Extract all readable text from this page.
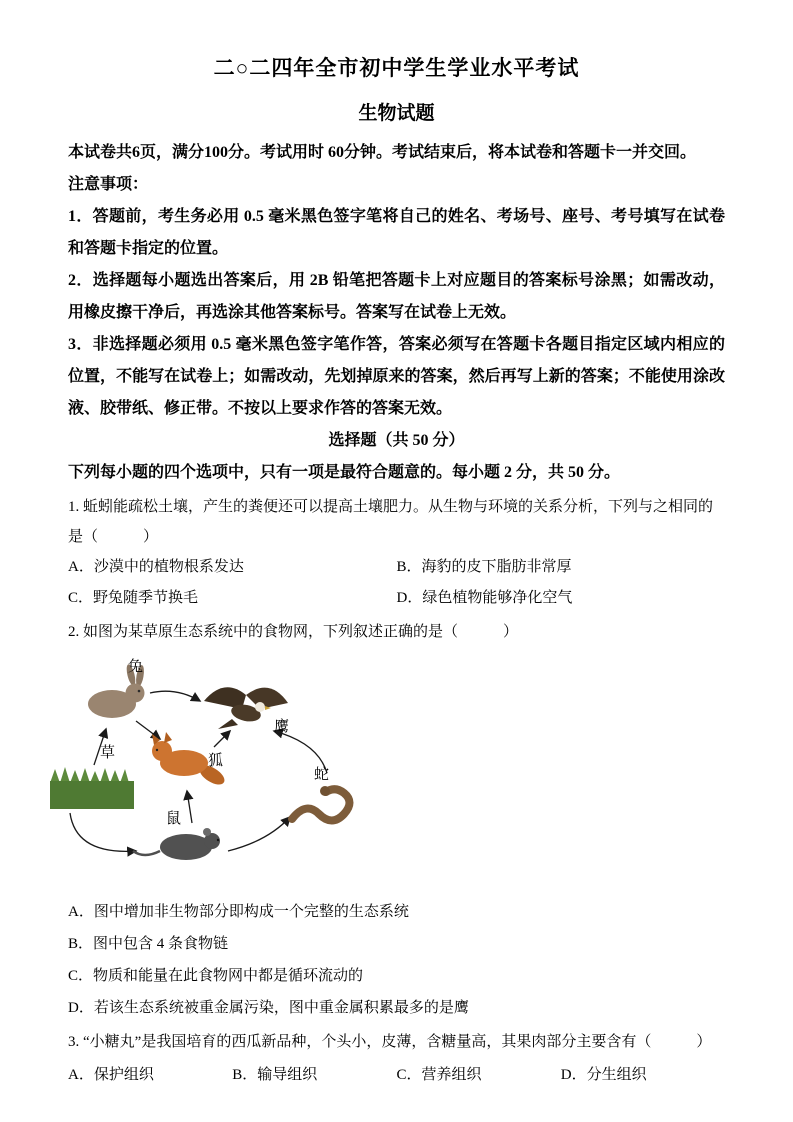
二○二四年全市初中学生学业水平考试
生物试题

本试卷共6页，满分100分。考试用时 60分钟。考试结束后，将本试卷和答题卡一并交回。

注意事项：

1．答题前，考生务必用 0.5 毫米黑色签字笔将自己的姓名、考场号、座号、考号填写在试卷和答题卡指定的位置。

2．选择题每小题选出答案后，用 2B 铅笔把答题卡上对应题目的答案标号涂黑；如需改动，用橡皮擦干净后，再选涂其他答案标号。答案写在试卷上无效。

3．非选择题必须用 0.5 毫米黑色签字笔作答，答案必须写在答题卡各题目指定区域内相应的位置，不能写在试卷上；如需改动，先划掉原来的答案，然后再写上新的答案；不能使用涂改液、胶带纸、修正带。不按以上要求作答的答案无效。

选择题（共 50 分）

下列每小题的四个选项中，只有一项是最符合题意的。每小题 2 分，共 50 分。

1. 蚯蚓能疏松土壤，产生的粪便还可以提高土壤肥力。从生物与环境的关系分析，下列与之相同的是（　　　）

A．沙漠中的植物根系发达	B．海豹的皮下脂肪非常厚
C．野兔随季节换毛	D．绿色植物能够净化空气

2. 如图为某草原生态系统中的食物网，下列叙述正确的是（　　　）

兔
鹰
草	狐
蛇
鼠

A．图中增加非生物部分即构成一个完整的生态系统

B．图中包含 4 条食物链

C．物质和能量在此食物网中都是循环流动的

D．若该生态系统被重金属污染，图中重金属积累最多的是鹰

3. “小糖丸”是我国培育的西瓜新品种，个头小，皮薄，含糖量高，其果肉部分主要含有（　　　）

A．保护组织	B．输导组织	C．营养组织	D．分生组织
